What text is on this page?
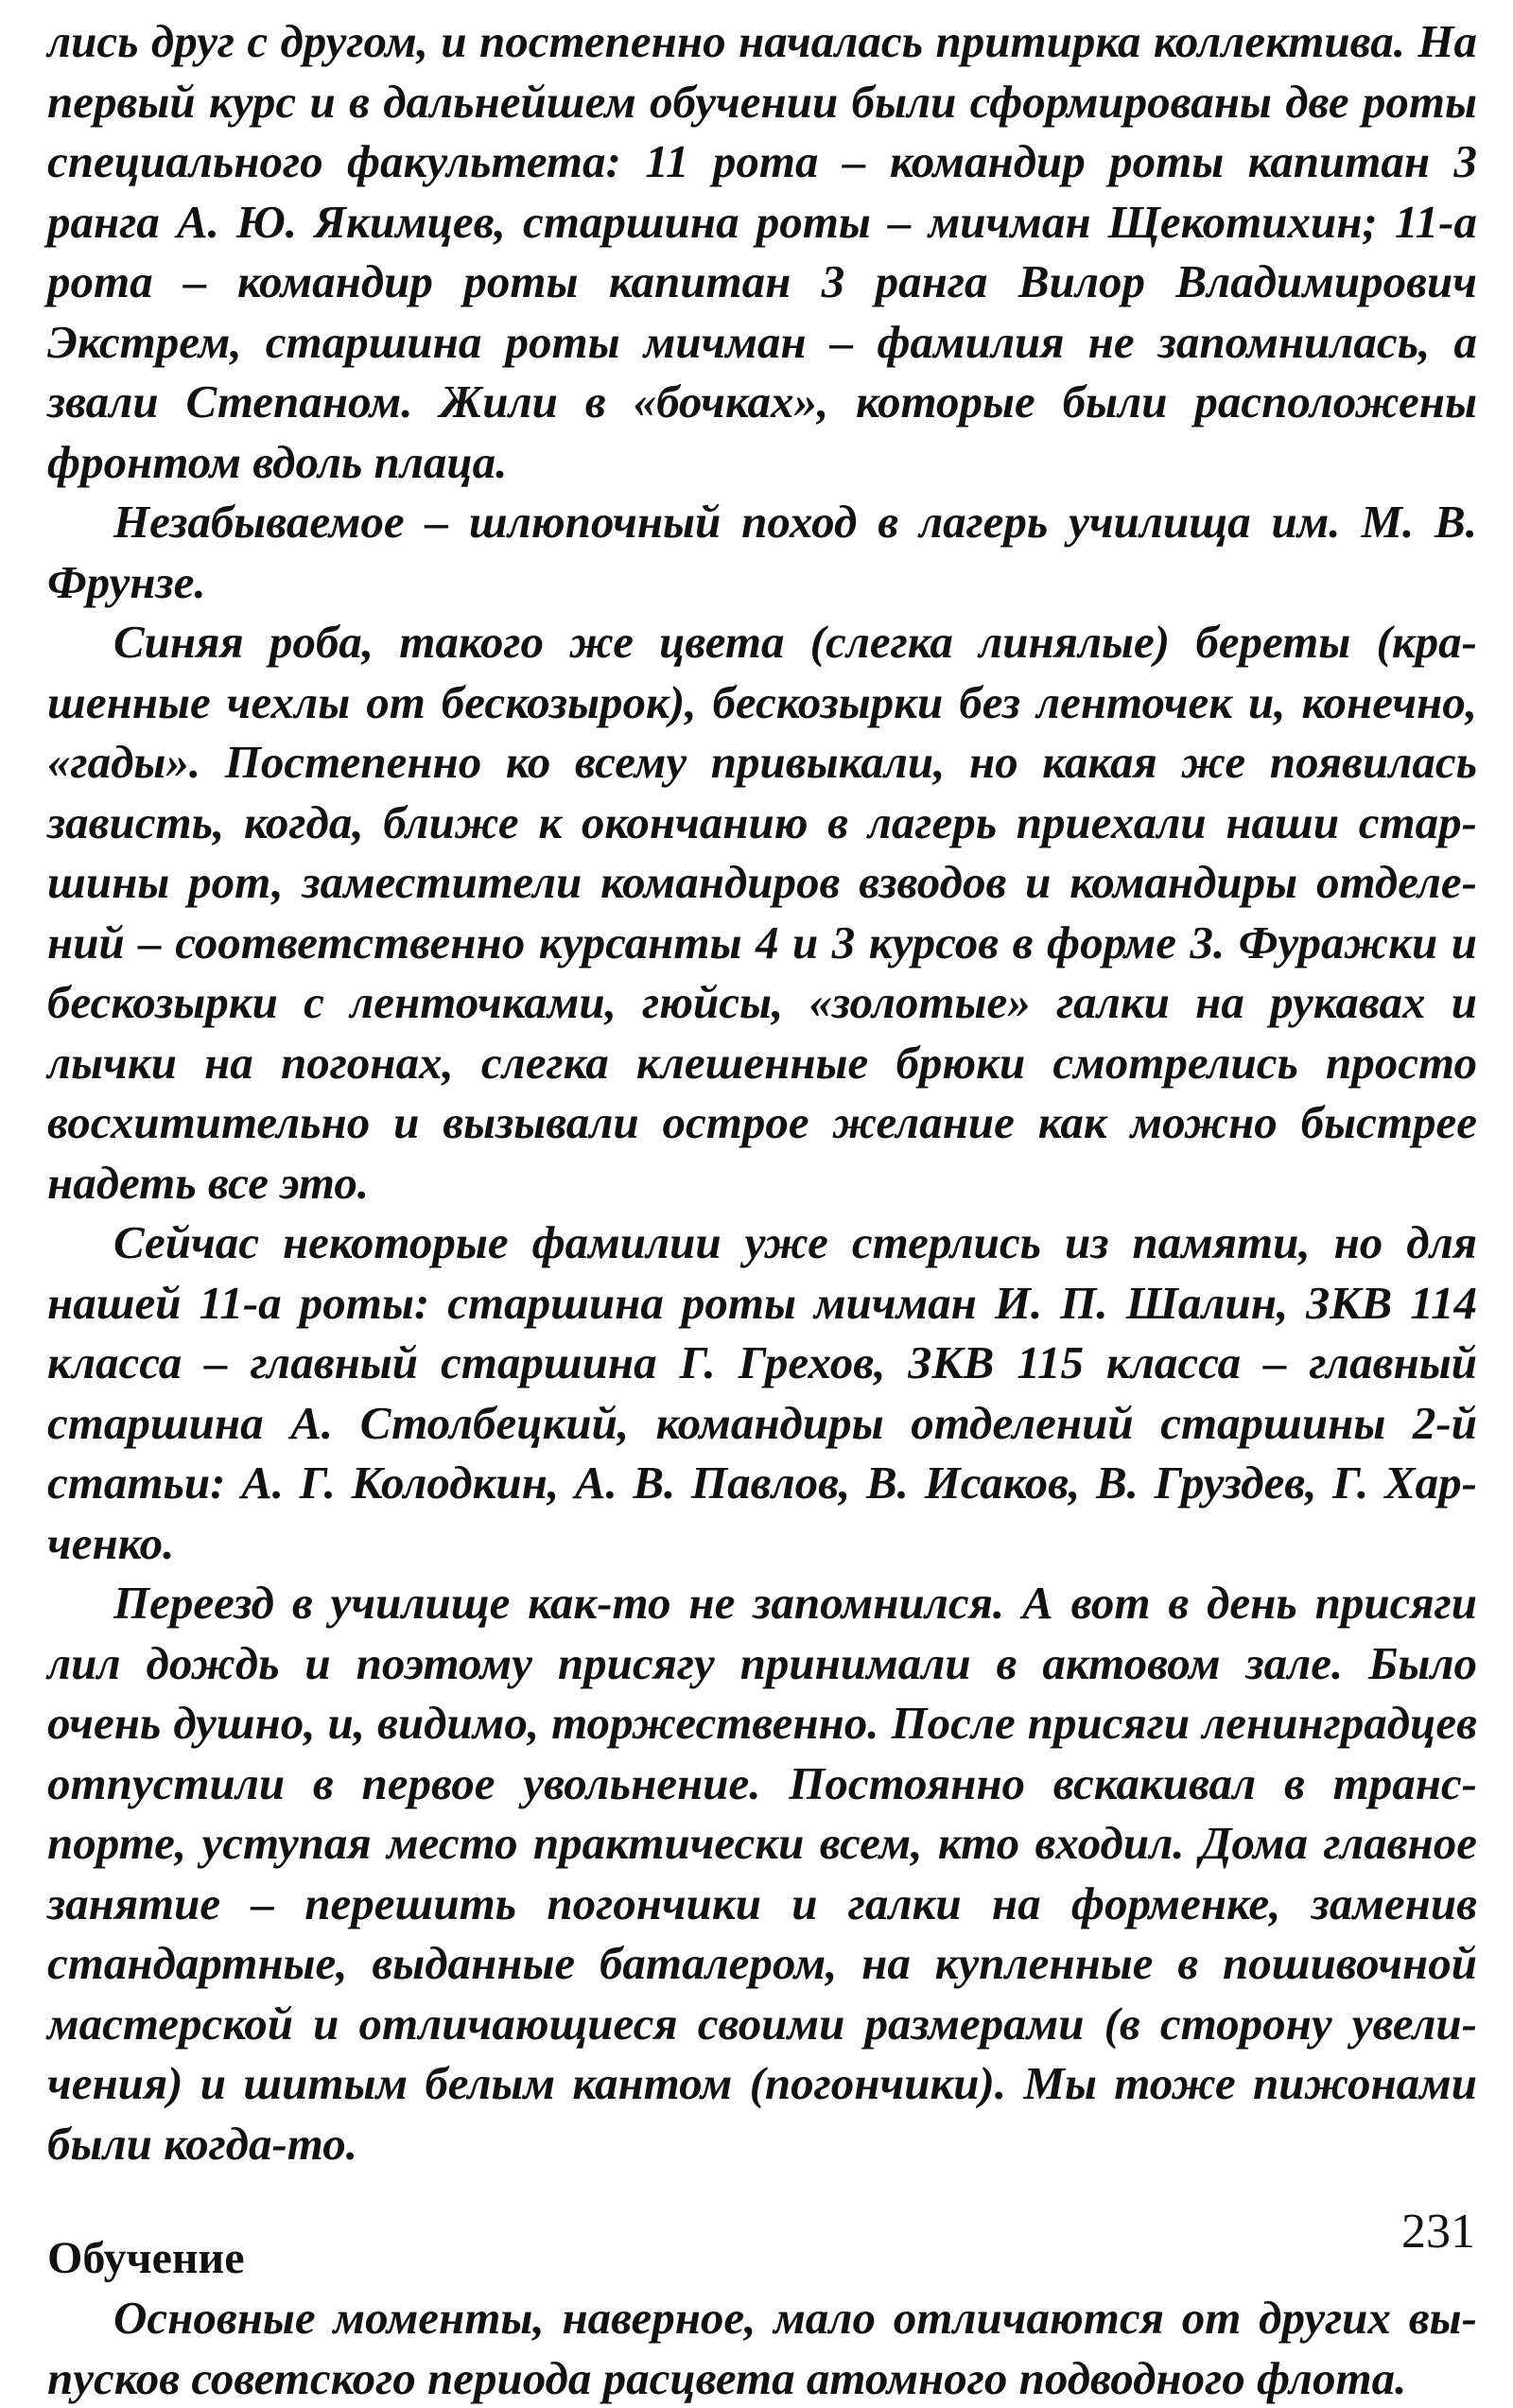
лись друг с другом, и постепенно началась притирка коллектива. На первый курс и в дальнейшем обучении были сформированы две роты специального факультета: 11 рота – командир роты капитан 3 ранга А. Ю. Якимцев, старшина роты – мичман Щекотихин; 11-а рота – командир роты капитан 3 ранга Вилор Владимирович Экстрем, старшина роты мичман – фамилия не запомнилась, а звали Степаном. Жили в «бочках», которые были расположены фронтом вдоль плаца.

Незабываемое – шлюпочный поход в лагерь училища им. М. В. Фрунзе.

Синяя роба, такого же цвета (слегка линялые) береты (крашенные чехлы от бескозырок), бескозырки без ленточек и, конечно, «гады». Постепенно ко всему привыкали, но какая же появилась зависть, когда, ближе к окончанию в лагерь приехали наши старшины рот, заместители командиров взводов и командиры отделений – соответственно курсанты 4 и 3 курсов в форме 3. Фуражки и бескозырки с ленточками, гюйсы, «золотые» галки на рукавах и лычки на погонах, слегка клешенные брюки смотрелись просто восхитительно и вызывали острое желание как можно быстрее надеть все это.

Сейчас некоторые фамилии уже стерлись из памяти, но для нашей 11-а роты: старшина роты мичман И. П. Шалин, ЗКВ 114 класса – главный старшина Г. Грехов, ЗКВ 115 класса – главный старшина А. Столбецкий, командиры отделений старшины 2-й статьи: А. Г. Колодкин, А. В. Павлов, В. Исаков, В. Груздев, Г. Харченко.

Переезд в училище как-то не запомнился. А вот в день присяги лил дождь и поэтому присягу принимали в актовом зале. Было очень душно, и, видимо, торжественно. После присяги ленинградцев отпустили в первое увольнение. Постоянно вскакивал в транспорте, уступая место практически всем, кто входил. Дома главное занятие – перешить погончики и галки на форменке, заменив стандартные, выданные баталером, на купленные в пошивочной мастерской и отличающиеся своими размерами (в сторону увеличения) и шитым белым кантом (погончики). Мы тоже пижонами были когда-то.

Обучение

Основные моменты, наверное, мало отличаются от других выпусков советского периода расцвета атомного подводного флота.

231
